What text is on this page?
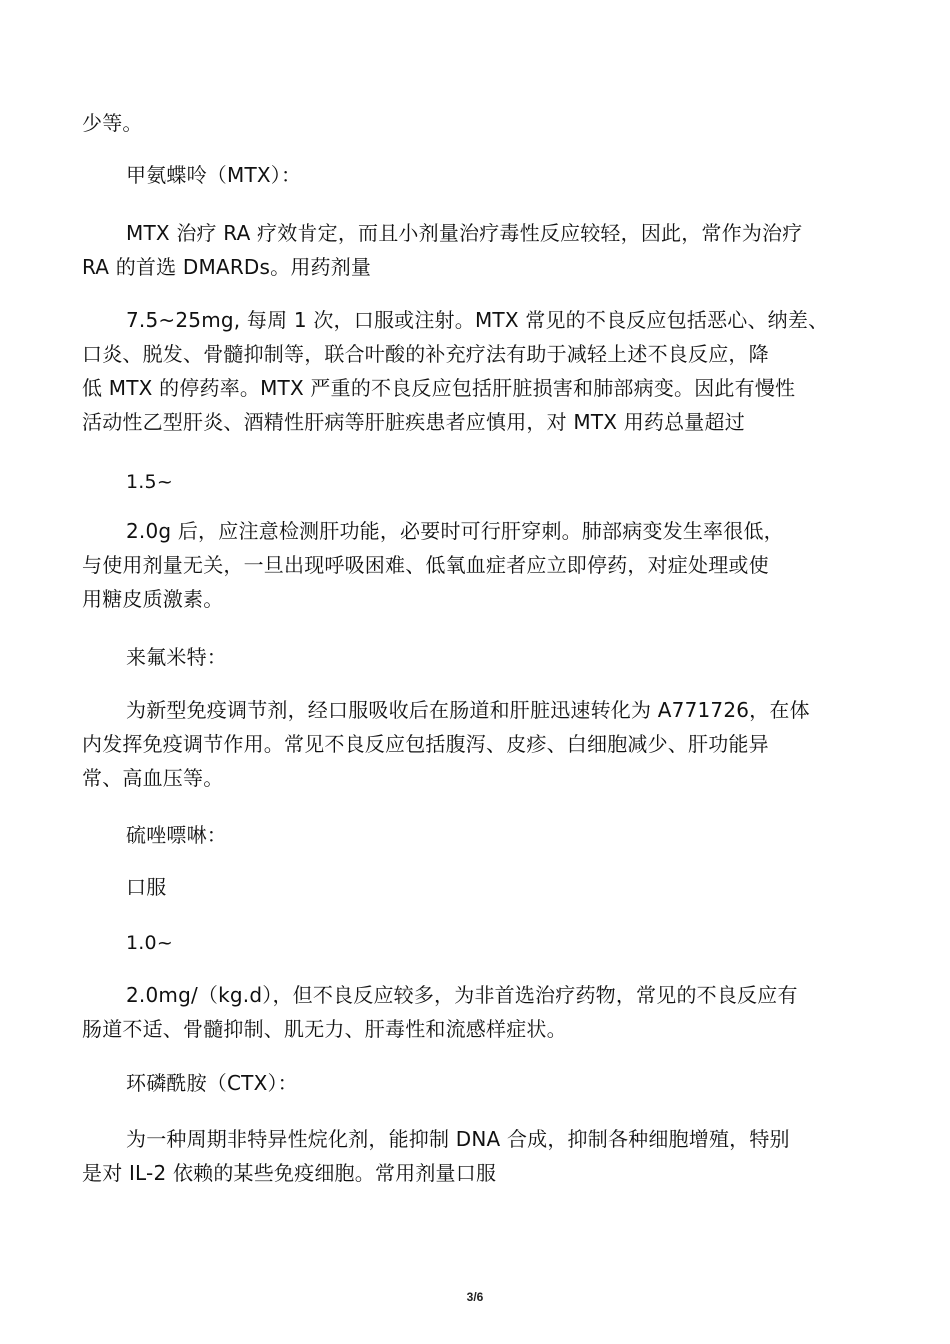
少等。

甲氨蝶呤（MTX）：

MTX 治疗 RA 疗效肯定，而且小剂量治疗毒性反应较轻，因此，常作为治疗
RA 的首选 DMARDs。用药剂量

7.5~25mg, 每周 1 次，口服或注射。MTX 常见的不良反应包括恶心、纳差、
口炎、脱发、骨髓抑制等，联合叶酸的补充疗法有助于减轻上述不良反应，降
低 MTX 的停药率。MTX 严重的不良反应包括肝脏损害和肺部病变。因此有慢性
活动性乙型肝炎、酒精性肝病等肝脏疾患者应慎用，对 MTX 用药总量超过

1.5~

2.0g 后，应注意检测肝功能，必要时可行肝穿刺。肺部病变发生率很低，
与使用剂量无关，一旦出现呼吸困难、低氧血症者应立即停药，对症处理或使
用糖皮质激素。

来氟米特：

为新型免疫调节剂，经口服吸收后在肠道和肝脏迅速转化为 A771726，在体
内发挥免疫调节作用。常见不良反应包括腹泻、皮疹、白细胞减少、肝功能异
常、高血压等。

硫唑嘌啉：

口服

1.0~

2.0mg/（kg.d），但不良反应较多，为非首选治疗药物，常见的不良反应有
肠道不适、骨髓抑制、肌无力、肝毒性和流感样症状。

环磷酰胺（CTX）：

为一种周期非特异性烷化剂，能抑制 DNA 合成，抑制各种细胞增殖，特别
是对 IL-2 依赖的某些免疫细胞。常用剂量口服

3/6
